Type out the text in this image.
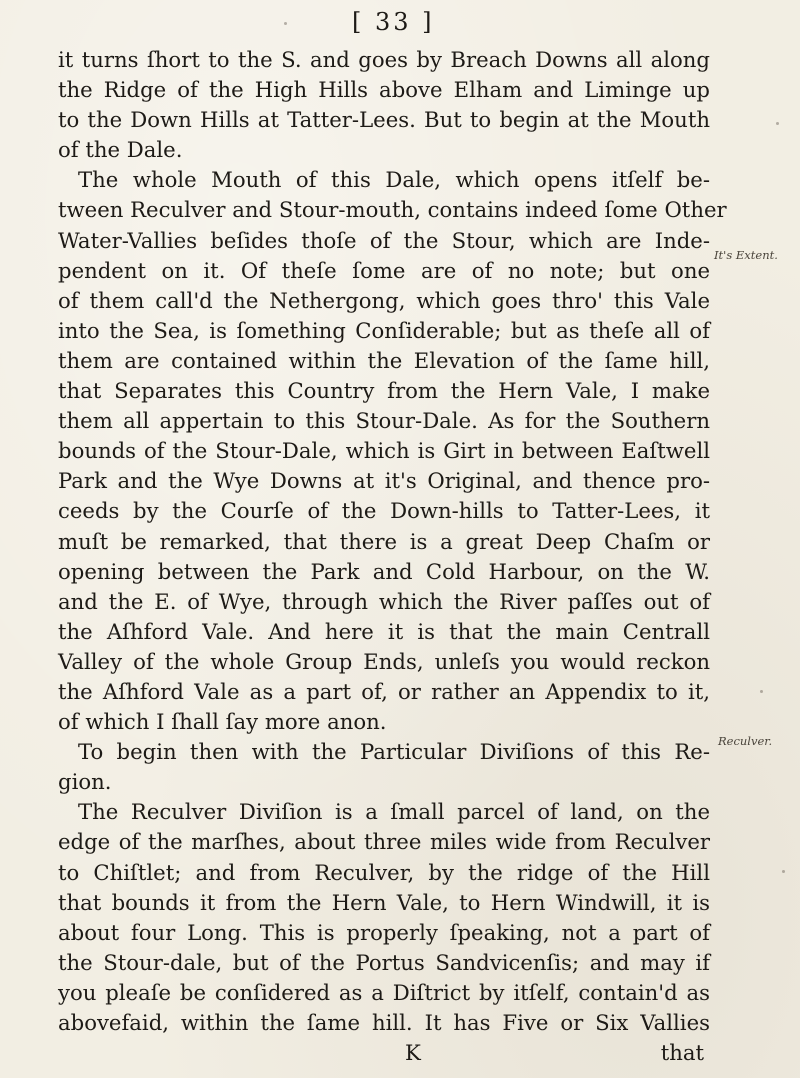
[ 33 ]
it turns ſhort to the S. and goes by Breach Downs all along
the Ridge of the High Hills above Elham and Liminge up
to the Down Hills at Tatter-Lees. But to begin at the Mouth
of the Dale.
The whole Mouth of this Dale, which opens itſelf be-
tween Reculver and Stour-mouth, contains indeed ſome Other
Water-Vallies beſides thoſe of the Stour, which are Inde-
pendent on it. Of theſe ſome are of no note; but one
of them call'd the Nethergong, which goes thro' this Vale
into the Sea, is ſomething Conſiderable; but as theſe all of
them are contained within the Elevation of the ſame hill,
that Separates this Country from the Hern Vale, I make
them all appertain to this Stour-Dale. As for the Southern
bounds of the Stour-Dale, which is Girt in between Eaſtwell
Park and the Wye Downs at it's Original, and thence pro-
ceeds by the Courſe of the Down-hills to Tatter-Lees, it
muſt be remarked, that there is a great Deep Chaſm or
opening between the Park and Cold Harbour, on the W.
and the E. of Wye, through which the River paſſes out of
the Aſhford Vale. And here it is that the main Centrall
Valley of the whole Group Ends, unleſs you would reckon
the Aſhford Vale as a part of, or rather an Appendix to it,
of which I ſhall ſay more anon.
To begin then with the Particular Diviſions of this Re-
gion.
The Reculver Diviſion is a ſmall parcel of land, on the
edge of the marſhes, about three miles wide from Reculver
to Chiſtlet; and from Reculver, by the ridge of the Hill
that bounds it from the Hern Vale, to Hern Windwill, it is
about four Long. This is properly ſpeaking, not a part of
the Stour-dale, but of the Portus Sandvicenſis; and may if
you pleaſe be conſidered as a Diſtrict by itſelf, contain'd as
abovefaid, within the ſame hill. It has Five or Six Vallies
K	that
It's Extent.
Reculver.
